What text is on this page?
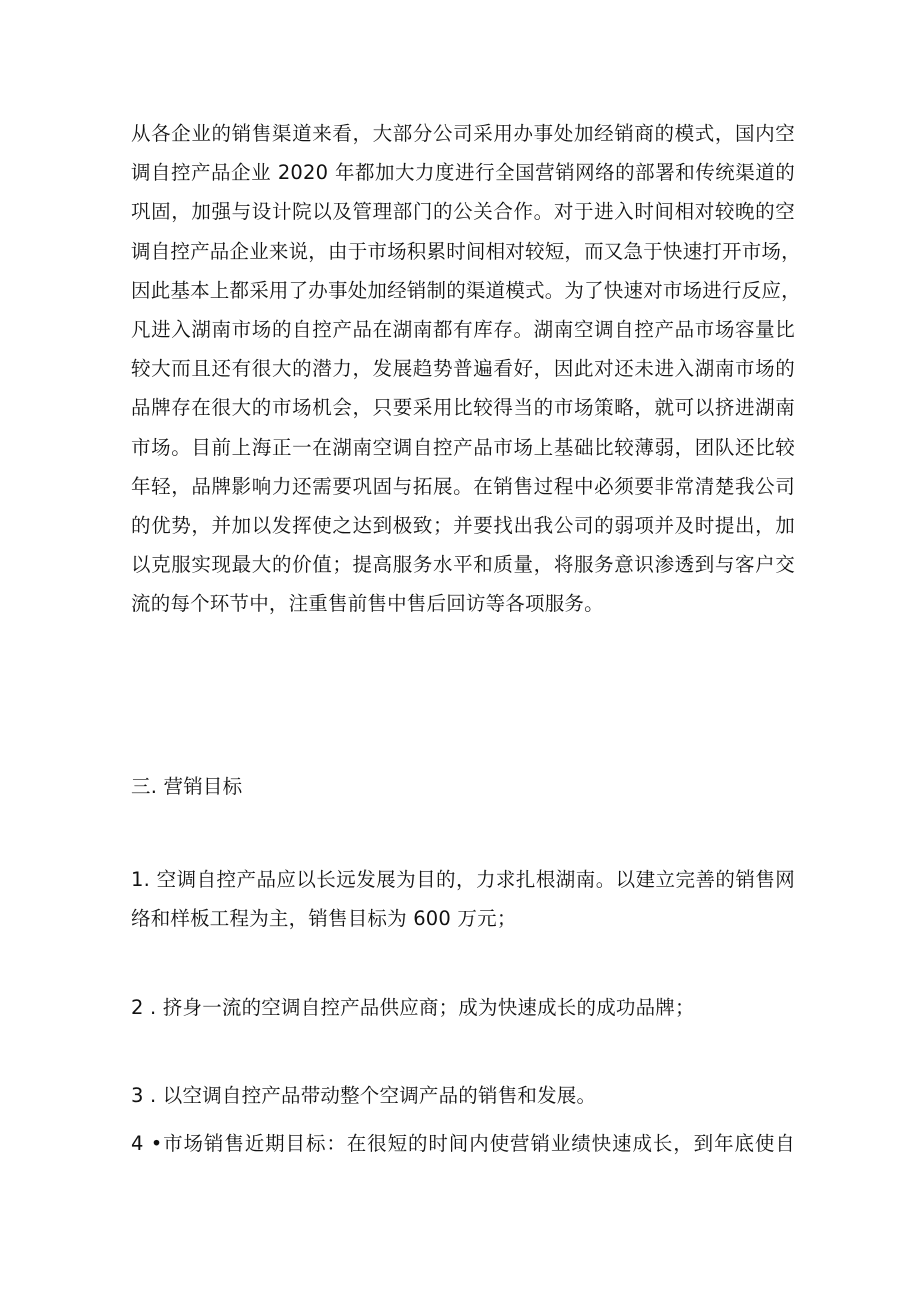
从各企业的销售渠道来看，大部分公司采用办事处加经销商的模式，国内空
调自控产品企业 2020 年都加大力度进行全国营销网络的部署和传统渠道的
巩固，加强与设计院以及管理部门的公关合作。对于进入时间相对较晚的空
调自控产品企业来说，由于市场积累时间相对较短，而又急于快速打开市场，
因此基本上都采用了办事处加经销制的渠道模式。为了快速对市场进行反应，
凡进入湖南市场的自控产品在湖南都有库存。湖南空调自控产品市场容量比
较大而且还有很大的潜力，发展趋势普遍看好，因此对还未进入湖南市场的
品牌存在很大的市场机会，只要采用比较得当的市场策略，就可以挤进湖南
市场。目前上海正一在湖南空调自控产品市场上基础比较薄弱，团队还比较
年轻，品牌影响力还需要巩固与拓展。在销售过程中必须要非常清楚我公司
的优势，并加以发挥使之达到极致；并要找出我公司的弱项并及时提出，加
以克服实现最大的价值；提高服务水平和质量，将服务意识渗透到与客户交
流的每个环节中，注重售前售中售后回访等各项服务。
三. 营销目标
1. 空调自控产品应以长远发展为目的，力求扎根湖南。以建立完善的销售网
络和样板工程为主，销售目标为 600 万元；
2 . 挤身一流的空调自控产品供应商；成为快速成长的成功品牌；
3 . 以空调自控产品带动整个空调产品的销售和发展。
4 •市场销售近期目标：在很短的时间内使营销业绩快速成长，到年底使自
